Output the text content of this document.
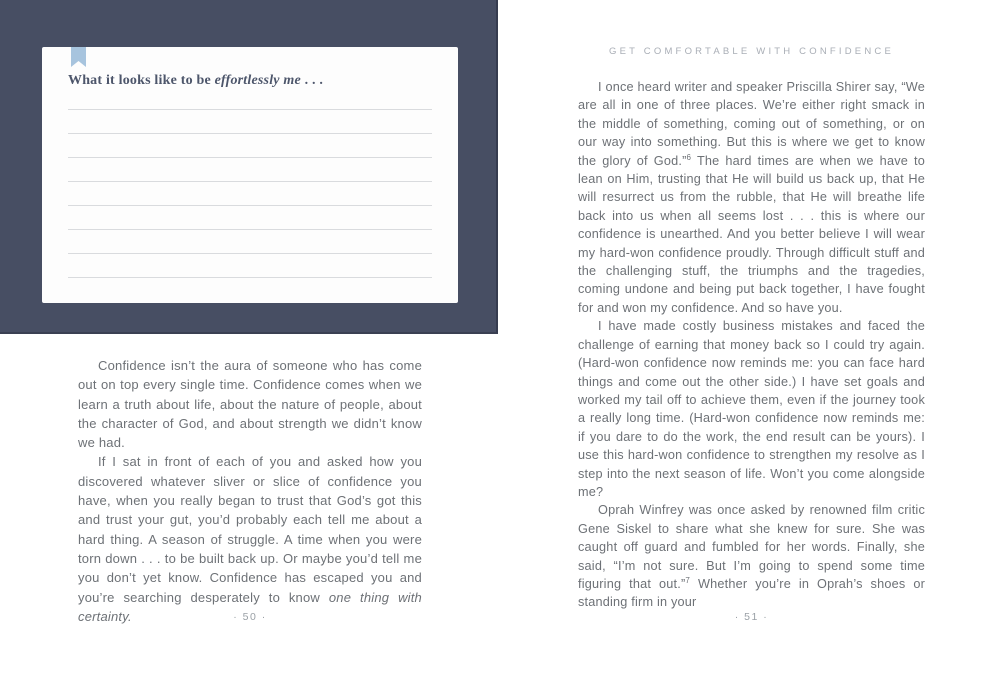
What it looks like to be effortlessly me . . .

Confidence isn’t the aura of someone who has come out on top every single time. Confidence comes when we learn a truth about life, about the nature of people, about the character of God, and about strength we didn’t know we had.

If I sat in front of each of you and asked how you discovered whatever sliver or slice of confidence you have, when you really began to trust that God’s got this and trust your gut, you’d probably each tell me about a hard thing. A season of struggle. A time when you were torn down . . . to be built back up. Or maybe you’d tell me you don’t yet know. Confidence has escaped you and you’re searching desperately to know one thing with certainty.	· 50 ·
GET COMFORTABLE WITH CONFIDENCE

I once heard writer and speaker Priscilla Shirer say, “We are all in one of three places. We’re either right smack in the middle of something, coming out of something, or on our way into something. But this is where we get to know the glory of God.”$^6$ The hard times are when we have to lean on Him, trusting that He will build us back up, that He will resurrect us from the rubble, that He will breathe life back into us when all seems lost . . . this is where our confidence is unearthed. And you better believe I will wear my hard-won confidence proudly. Through difficult stuff and the challenging stuff, the triumphs and the tragedies, coming undone and being put back together, I have fought for and won my confidence. And so have you.

I have made costly business mistakes and faced the challenge of earning that money back so I could try again. (Hard-won confidence now reminds me: you can face hard things and come out the other side.) I have set goals and worked my tail off to achieve them, even if the journey took a really long time. (Hard-won confidence now reminds me: if you dare to do the work, the end result can be yours). I use this hard-won confidence to strengthen my resolve as I step into the next season of life. Won’t you come alongside me?

Oprah Winfrey was once asked by renowned film critic Gene Siskel to share what she knew for sure. She was caught off guard and fumbled for her words. Finally, she said, “I’m not sure. But I’m going to spend some time figuring that out.”$^7$ Whether you’re in Oprah’s shoes or standing firm in your

· 51 ·
